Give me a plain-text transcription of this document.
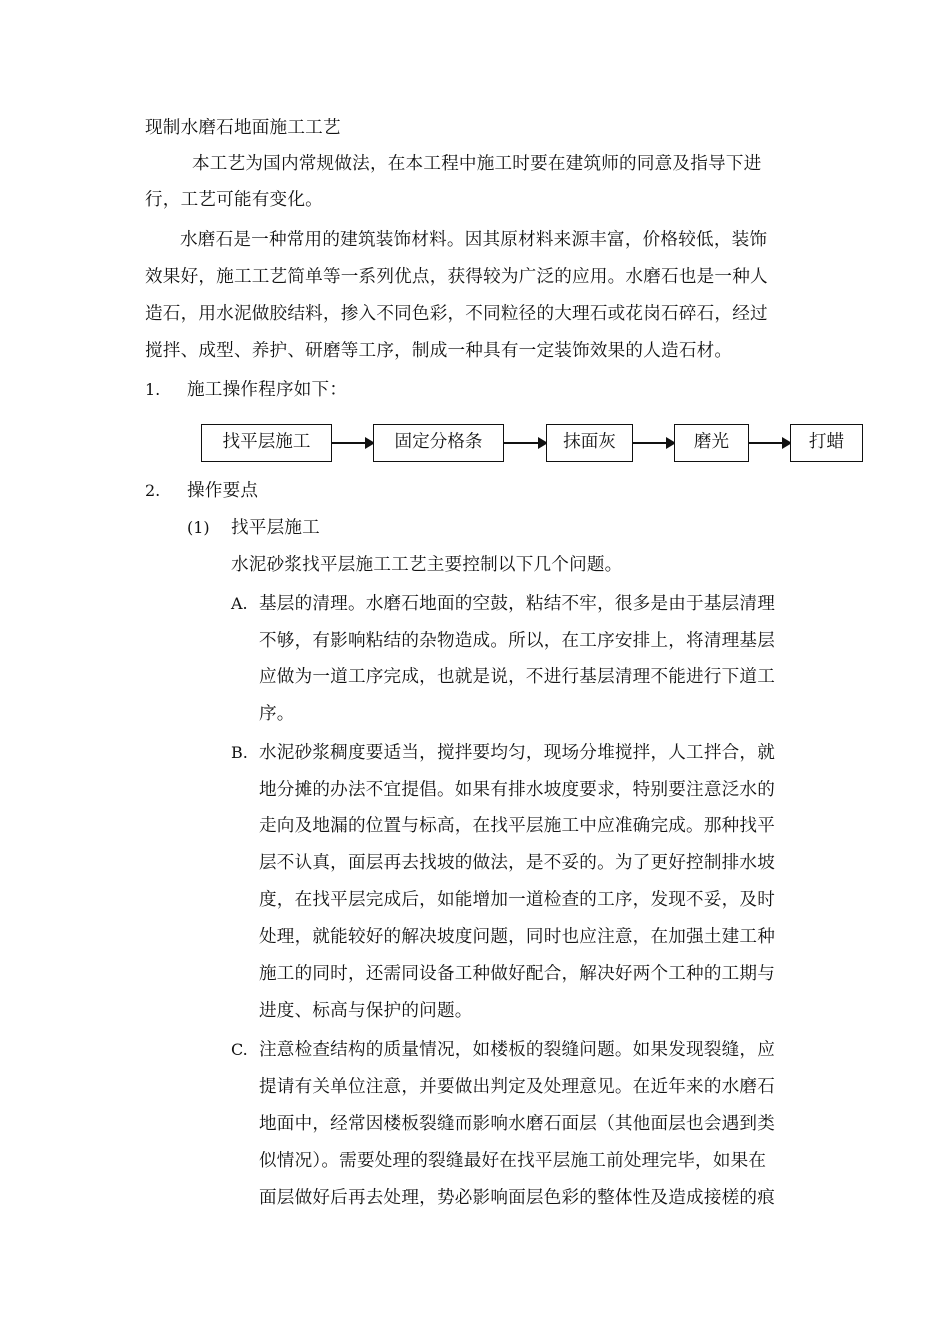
现制水磨石地面施工工艺

本工艺为国内常规做法，在本工程中施工时要在建筑师的同意及指导下进

行，工艺可能有变化。

水磨石是一种常用的建筑装饰材料。因其原材料来源丰富，价格较低，装饰

效果好，施工工艺简单等一系列优点，获得较为广泛的应用。水磨石也是一种人

造石，用水泥做胶结料，掺入不同色彩，不同粒径的大理石或花岗石碎石，经过

搅拌、成型、养护、研磨等工序，制成一种具有一定装饰效果的人造石材。

1. 施工操作程序如下：

找平层施工	固定分格条	抹面灰	磨光	打蜡

2. 操作要点

(1) 找平层施工

水泥砂浆找平层施工工艺主要控制以下几个问题。

A. 基层的清理。水磨石地面的空鼓，粘结不牢，很多是由于基层清理

不够，有影响粘结的杂物造成。所以，在工序安排上，将清理基层

应做为一道工序完成，也就是说，不进行基层清理不能进行下道工

序。

B. 水泥砂浆稠度要适当，搅拌要均匀，现场分堆搅拌，人工拌合，就

地分摊的办法不宜提倡。如果有排水坡度要求，特别要注意泛水的

走向及地漏的位置与标高，在找平层施工中应准确完成。那种找平

层不认真，面层再去找坡的做法，是不妥的。为了更好控制排水坡

度，在找平层完成后，如能增加一道检查的工序，发现不妥，及时

处理，就能较好的解决坡度问题，同时也应注意，在加强土建工种

施工的同时，还需同设备工种做好配合，解决好两个工种的工期与

进度、标高与保护的问题。

C. 注意检查结构的质量情况，如楼板的裂缝问题。如果发现裂缝，应

提请有关单位注意，并要做出判定及处理意见。在近年来的水磨石

地面中，经常因楼板裂缝而影响水磨石面层（其他面层也会遇到类

似情况）。需要处理的裂缝最好在找平层施工前处理完毕，如果在

面层做好后再去处理，势必影响面层色彩的整体性及造成接槎的痕
